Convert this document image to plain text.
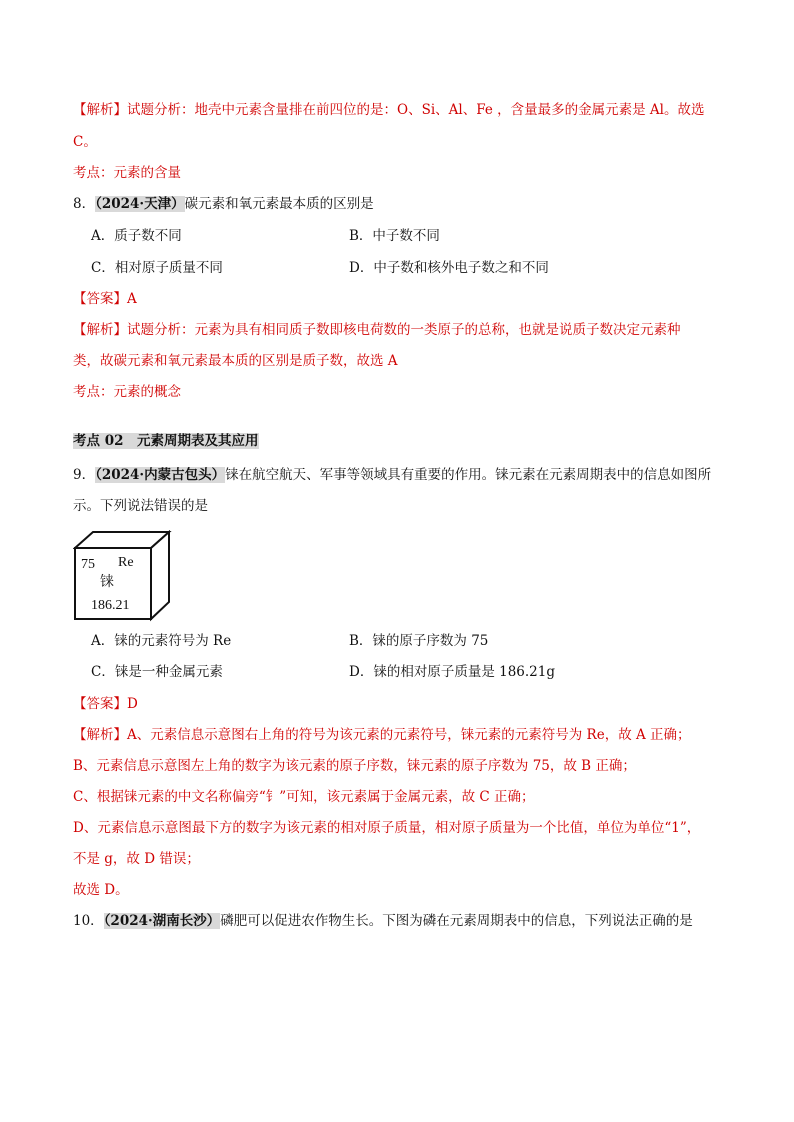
【解析】试题分析：地壳中元素含量排在前四位的是：O、Si、Al、Fe ，含量最多的金属元素是 Al。故选
C。
考点：元素的含量
8．（2024·天津）碳元素和氧元素最本质的区别是
A．质子数不同	B．中子数不同
C．相对原子质量不同	D．中子数和核外电子数之和不同
【答案】A
【解析】试题分析：元素为具有相同质子数即核电荷数的一类原子的总称，也就是说质子数决定元素种
类，故碳元素和氧元素最本质的区别是质子数，故选 A
考点：元素的概念
考点 02　元素周期表及其应用
9．（2024·内蒙古包头）铼在航空航天、军事等领域具有重要的作用。铼元素在元素周期表中的信息如图所
示。下列说法错误的是
75 Re
铼
186.21
A．铼的元素符号为 Re	B．铼的原子序数为 75
C．铼是一种金属元素	D．铼的相对原子质量是 186.21g
【答案】D
【解析】A、元素信息示意图右上角的符号为该元素的元素符号，铼元素的元素符号为 Re，故 A 正确；
B、元素信息示意图左上角的数字为该元素的原子序数，铼元素的原子序数为 75，故 B 正确；
C、根据铼元素的中文名称偏旁“钅”可知，该元素属于金属元素，故 C 正确；
D、元素信息示意图最下方的数字为该元素的相对原子质量，相对原子质量为一个比值，单位为单位“1”，
不是 g，故 D 错误；
故选 D。
10．（2024·湖南长沙）磷肥可以促进农作物生长。下图为磷在元素周期表中的信息，下列说法正确的是
